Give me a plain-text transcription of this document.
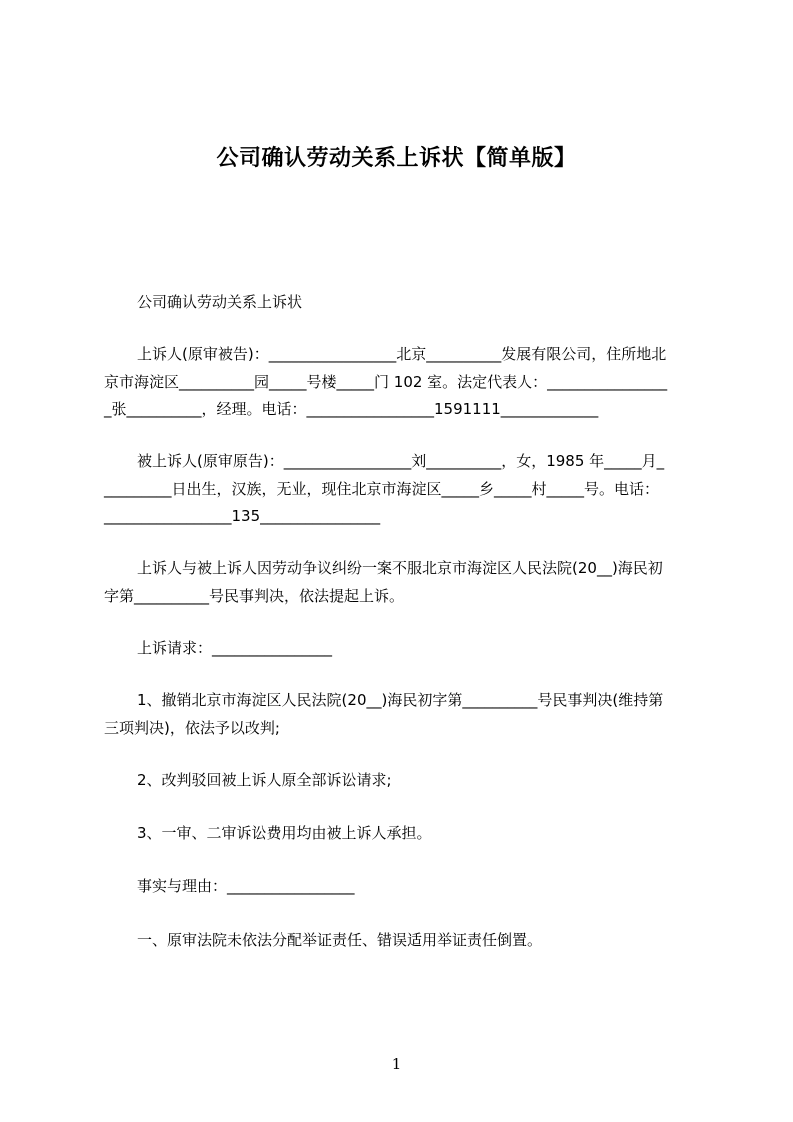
公司确认劳动关系上诉状【简单版】
公司确认劳动关系上诉状
上诉人(原审被告)：_________________北京__________发展有限公司，住所地北
京市海淀区__________园_____号楼_____门 102 室。法定代表人：________________
_张__________，经理。电话：_________________1591111_____________
被上诉人(原审原告)：_________________刘__________，女，1985 年_____月_
_________日出生，汉族，无业，现住北京市海淀区_____乡_____村_____号。电话：
_________________135________________
上诉人与被上诉人因劳动争议纠纷一案不服北京市海淀区人民法院(20__)海民初
字第__________号民事判决，依法提起上诉。
上诉请求：________________
1、撤销北京市海淀区人民法院(20__)海民初字第__________号民事判决(维持第
三项判决)，依法予以改判;
2、改判驳回被上诉人原全部诉讼请求;
3、一审、二审诉讼费用均由被上诉人承担。
事实与理由：_________________
一、原审法院未依法分配举证责任、错误适用举证责任倒置。
1
